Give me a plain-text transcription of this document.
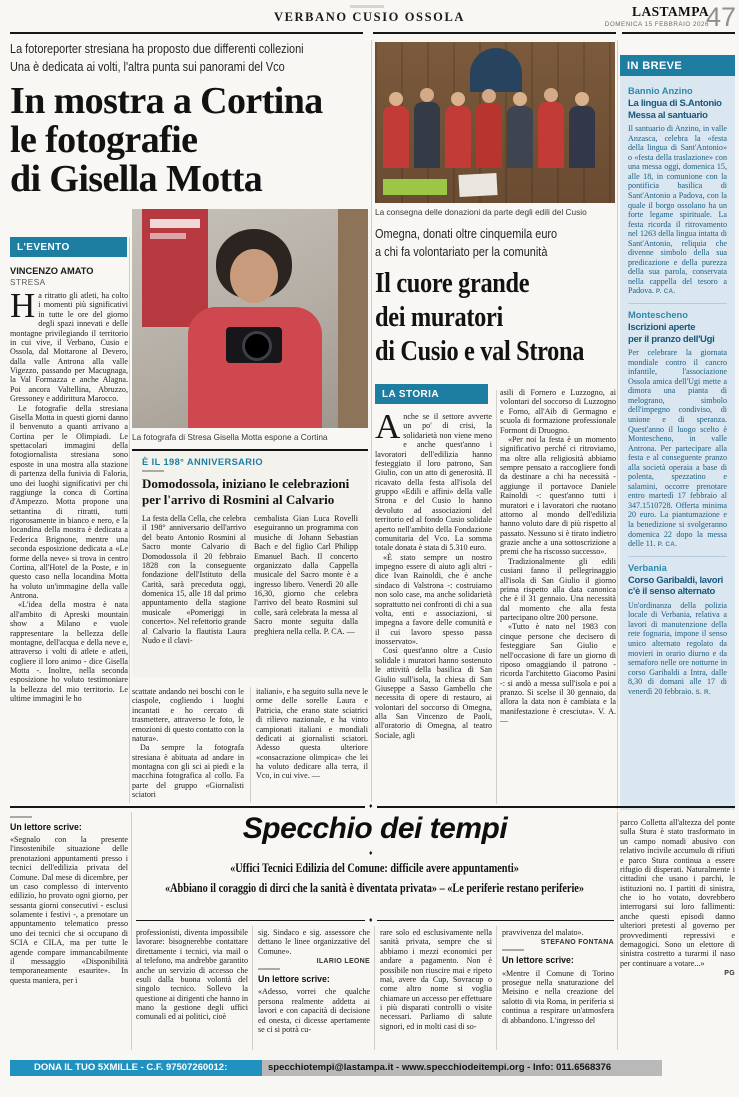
VERBANO CUSIO OSSOLA	LASTAMPA
DOMENICA 15 FEBBRAIO 2026
47
La fotoreporter stresiana ha proposto due differenti collezioni
Una è dedicata ai volti, l'altra punta sui panorami del Vco
In mostra a Cortina
le fotografie
di Gisella Motta
L'EVENTO
VINCENZO AMATO
STRESA

Ha ritratto gli atleti, ha colto i momenti più significativi in tutte le ore del giorno degli spazi innevati e delle montagne privilegiando il territorio in cui vive, il Verbano, Cusio e Ossola, dal Mottarone al Devero, dalla valle Antrona alla valle Vigezzo, passando per Macugnaga, la Val Formazza e anche Alagna. Poi ancora Valtellina, Abruzzo, Gressoney e addirittura Marocco.

Le fotografie della stresiana Gisella Motta in questi giorni danno il benvenuto a quanti arrivano a Cortina per le Olimpiadi. Le spettacolari immagini della fotogiornalista stresiana sono esposte in una mostra alla stazione di partenza della funivia di Faloria, uno dei luoghi significativi per chi raggiunge la conca di Cortina d'Ampezzo. Motta propone una settantina di ritratti, tutti rigorosamente in bianco e nero, e la locandina della mostra è dedicata a Federica Brignone, mentre una seconda esposizione dedicata a «Le forme della neve» si trova in centro Cortina, all'Hotel de la Poste, e in questo caso nella locandina Motta ha voluto un'immagine della valle Antrona.

«L'idea della mostra è nata all'ambito di Apreski mountain show a Milano e vuole rappresentare la bellezza delle montagne, dell'acqua e della neve e, attraverso i volti di atlete e atleti, cogliere il loro animo - dice Gisella Motta -. Inoltre, nella seconda esposizione ho voluto testimoniare la bellezza del mio territorio. Le ultime immagini le ho

La fotografa di Stresa Gisella Motta espone a Cortina
È IL 198° ANNIVERSARIO
Domodossola, iniziano le celebrazioni
per l'arrivo di Rosmini al Calvario

La festa della Cella, che celebra il 198° anniversario dell'arrivo del beato Antonio Rosmini al Sacro monte Calvario di Domodossola il 20 febbraio 1828 con la conseguente fondazione dell'Istituto della Carità, sarà preceduta oggi, domenica 15, alle 18 dal primo appuntamento della stagione musicale «Pomeriggi in concerto». Nel refettorio grande al Calvario la flautista Laura Nudo e il clavi-

cembalista Gian Luca Rovelli eseguiranno un programma con musiche di Johann Sebastian Bach e del figlio Carl Philipp Emanuel Bach. Il concerto organizzato dalla Cappella musicale del Sacro monte è a ingresso libero. Venerdì 20 alle 16,30, giorno che celebra l'arrivo del beato Rosmini sul colle, sarà celebrata la messa al Sacro monte seguita dalla preghiera nella cella. P. CA. —

scattate andando nei boschi con le ciaspole, cogliendo i luoghi incantati e ho cercato di trasmettere, attraverso le foto, le emozioni di questo contatto con la natura».

Da sempre la fotografa stresiana è abituata ad andare in montagna con gli sci ai piedi e la macchina fotografica al collo. Fa parte del gruppo «Giornalisti sciatori

italiani», e ha seguito sulla neve le orme delle sorelle Laura e Patricia, che erano state sciatrici di rilievo nazionale, e ha vinto campionati italiani e mondiali dedicati ai giornalisti sciatori. Adesso questa ulteriore «consacrazione olimpica» che lei ha voluto dedicare alla terra, il Vco, in cui vive. —

La consegna delle donazioni da parte degli edili del Cusio
Omegna, donati oltre cinquemila euro
a chi fa volontariato per la comunità
Il cuore grande
dei muratori
di Cusio e val Strona
LA STORIA

Anche se il settore avverte un po' di crisi, la solidarietà non viene meno e anche quest'anno i lavoratori dell'edilizia hanno festeggiato il loro patrono, San Giulio, con un atto di generosità. Il ricavato della festa all'isola del gruppo «Edili e affini» della valle Strona e del Cusio lo hanno devoluto ad associazioni del territorio ed al fondo Cusio solidale aperto nell'ambito della Fondazione comunitaria del Vco. La somma totale donata è stata di 5.310 euro.

«È stato sempre un nostro impegno essere di aiuto agli altri - dice Ivan Rainoldi, che è anche sindaco di Valstrona -: costruiamo non solo case, ma anche solidarietà soprattutto nei confronti di chi a sua volta, enti e associazioni, si impegna a favore delle comunità e il cui lavoro spesso passa inosservato».

Così quest'anno oltre a Cusio solidale i muratori hanno sostenuto le attività della basilica di San Giulio sull'isola, la chiesa di San Giuseppe a Sasso Gambello che necessita di opere di restauro, ai volontari del soccorso di Omegna, alla San Vincenzo de Paoli, all'oratorio di Omegna, al teatro Sociale, agli

asili di Fornero e Luzzogno, ai volontari del soccorso di Luzzogno e Forno, all'Aib di Germagno e scuola di formazione professionale Formont di Druogno.

«Per noi la festa è un momento significativo perché ci ritroviamo, ma oltre alla religiosità abbiamo sempre pensato a raccogliere fondi da destinare a chi ha necessità - aggiunge il portavoce Daniele Rainoldi -: quest'anno tutti i muratori e i lavoratori che ruotano attorno al mondo dell'edilizia hanno voluto dare di più rispetto al passato. Nessuno si è tirato indietro grazie anche a una sottoscrizione a premi che ha riscosso successo».

Tradizionalmente gli edili cusiani fanno il pellegrinaggio all'isola di San Giulio il giorno prima rispetto alla data canonica che è il 31 gennaio. Una necessità dal momento che alla festa partecipano oltre 200 persone.

«Tutto è nato nel 1983 con cinque persone che decisero di festeggiare San Giulio e nell'occasione di fare un giorno di riposo omaggiando il patrono - ricorda l'architetto Giacomo Pasini -: si andò a messa sull'isola e poi a pranzo. Si scelse il 30 gennaio, da allora la data non è cambiata e la manifestazione è cresciuta». V. A. —

IN BREVE
Bannio Anzino
La lingua di S.Antonio
Messa al santuario
Il santuario di Anzino, in valle Anzasca, celebra la «festa della lingua di Sant'Antonio» o «festa della traslazione» con una messa oggi, domenica 15, alle 18, in comunione con la pontificia basilica di Sant'Antonio a Padova, con la quale il borgo ossolano ha un forte legame spirituale. La festa ricorda il ritrovamento nel 1263 della lingua intatta di Sant'Antonio, reliquia che divenne simbolo della sua predicazione e della purezza della sua parola, conservata nella cappella del tesoro a Padova. P. CA.
Montescheno
Iscrizioni aperte
per il pranzo dell'Ugi
Per celebrare la giornata mondiale contro il cancro infantile, l'associazione Ossola amica dell'Ugi mette a dimora una pianta di melograno, simbolo dell'impegno condiviso, di unione e di speranza. Quest'anno il luogo scelto è Montescheno, in valle Antrona. Per partecipare alla festa e al conseguente pranzo alla società operaia a base di polenta, spezzatino e salamini, occorre prenotare entro martedì 17 febbraio al 347.1510728. Offerta minima 20 euro. La piantumazione e la benedizione si svolgeranno domenica 22 dopo la messa delle 11. P. CA.
Verbania
Corso Garibaldi, lavori
c'è il senso alternato
Un'ordinanza della polizia locale di Verbania, relativa a lavori di manutenzione della rete fognaria, impone il senso unico alternato regolato da movieri in orario diurno e da semaforo nelle ore notturne in corso Garibaldi a Intra, dalle 8,30 di domani alle 17 di venerdì 20 febbraio. S. R.
♦
Un lettore scrive:

«Segnalo con la presente l'insostenibile situazione delle prenotazioni appuntamenti presso i tecnici dell'edilizia privata del Comune. Dal mese di dicembre, per un caso complesso di intervento edilizio, ho provato ogni giorno, per sessanta giorni consecutivi - esclusi solamente i festivi -, a prenotare un appuntamento telematico presso uno dei tecnici che si occupano di SCIA e CILA, ma per tutte le agende compare immancabilmente il messaggio «Disponibilità temporaneamente esaurite». In questa maniera, per i

Specchio dei tempi
♦
«Uffici Tecnici Edilizia del Comune: difficile avere appuntamenti»
«Abbiano il coraggio di dirci che la sanità è diventata privata» – «Le periferie restano periferie»
♦

professionisti, diventa impossibile lavorare: bisognerebbe contattare direttamente i tecnici, via mail o al telefono, ma andrebbe garantito anche un servizio di accesso che esuli dalla buona volontà del singolo tecnico. Sollevo la questione ai dirigenti che hanno in mano la gestione degli uffici comunali ed ai politici, cioè

sig. Sindaco e sig. assessore che dettano le linee organizzative del Comune».

ILARIO LEONE
Un lettore scrive:

«Adesso, vorrei che qualche persona realmente addetta ai lavori e con capacità di decisione ed onesta, ci dicesse apertamente se ci si potrà cu-

rare solo ed esclusivamente nella sanità privata, sempre che si abbiamo i mezzi economici per andare a pagamento. Non è possibile non riuscire mai e ripeto mai, avere da Cup, Sovracup o come altro nome si voglia chiamare un accesso per effettuare i più disparati controlli o visite necessari. Parliamo di salute signori, ed in molti casi di so-

pravvivenza del malato».

STEFANO FONTANA
Un lettore scrive:

«Mentre il Comune di Torino prosegue nella snaturazione del Meisino e nella creazione del salotto di via Roma, in periferia si continua a respirare un'atmosfera di abbandono. L'ingresso del

parco Colletta all'altezza del ponte sulla Stura è stato trasformato in un campo nomadi abusivo con relativo incivile accumulo di rifiuti e parco Stura continua a essere rifugio di disperati. Naturalmente i cittadini che usano i parchi, le istituzioni no. I partiti di sinistra, che io ho votato, dovrebbero interrogarsi sui loro fallimenti: anche questi episodi danno ulteriori pretesti al governo per provvedimenti repressivi e demagogici. Sono un elettore di sinistra costretto a turarmi il naso per continuare a votare...»

PG
DONA IL TUO 5XMILLE - C.F. 97507260012:	specchiotempi@lastampa.it - www.specchiodeitempi.org - Info: 011.6568376
